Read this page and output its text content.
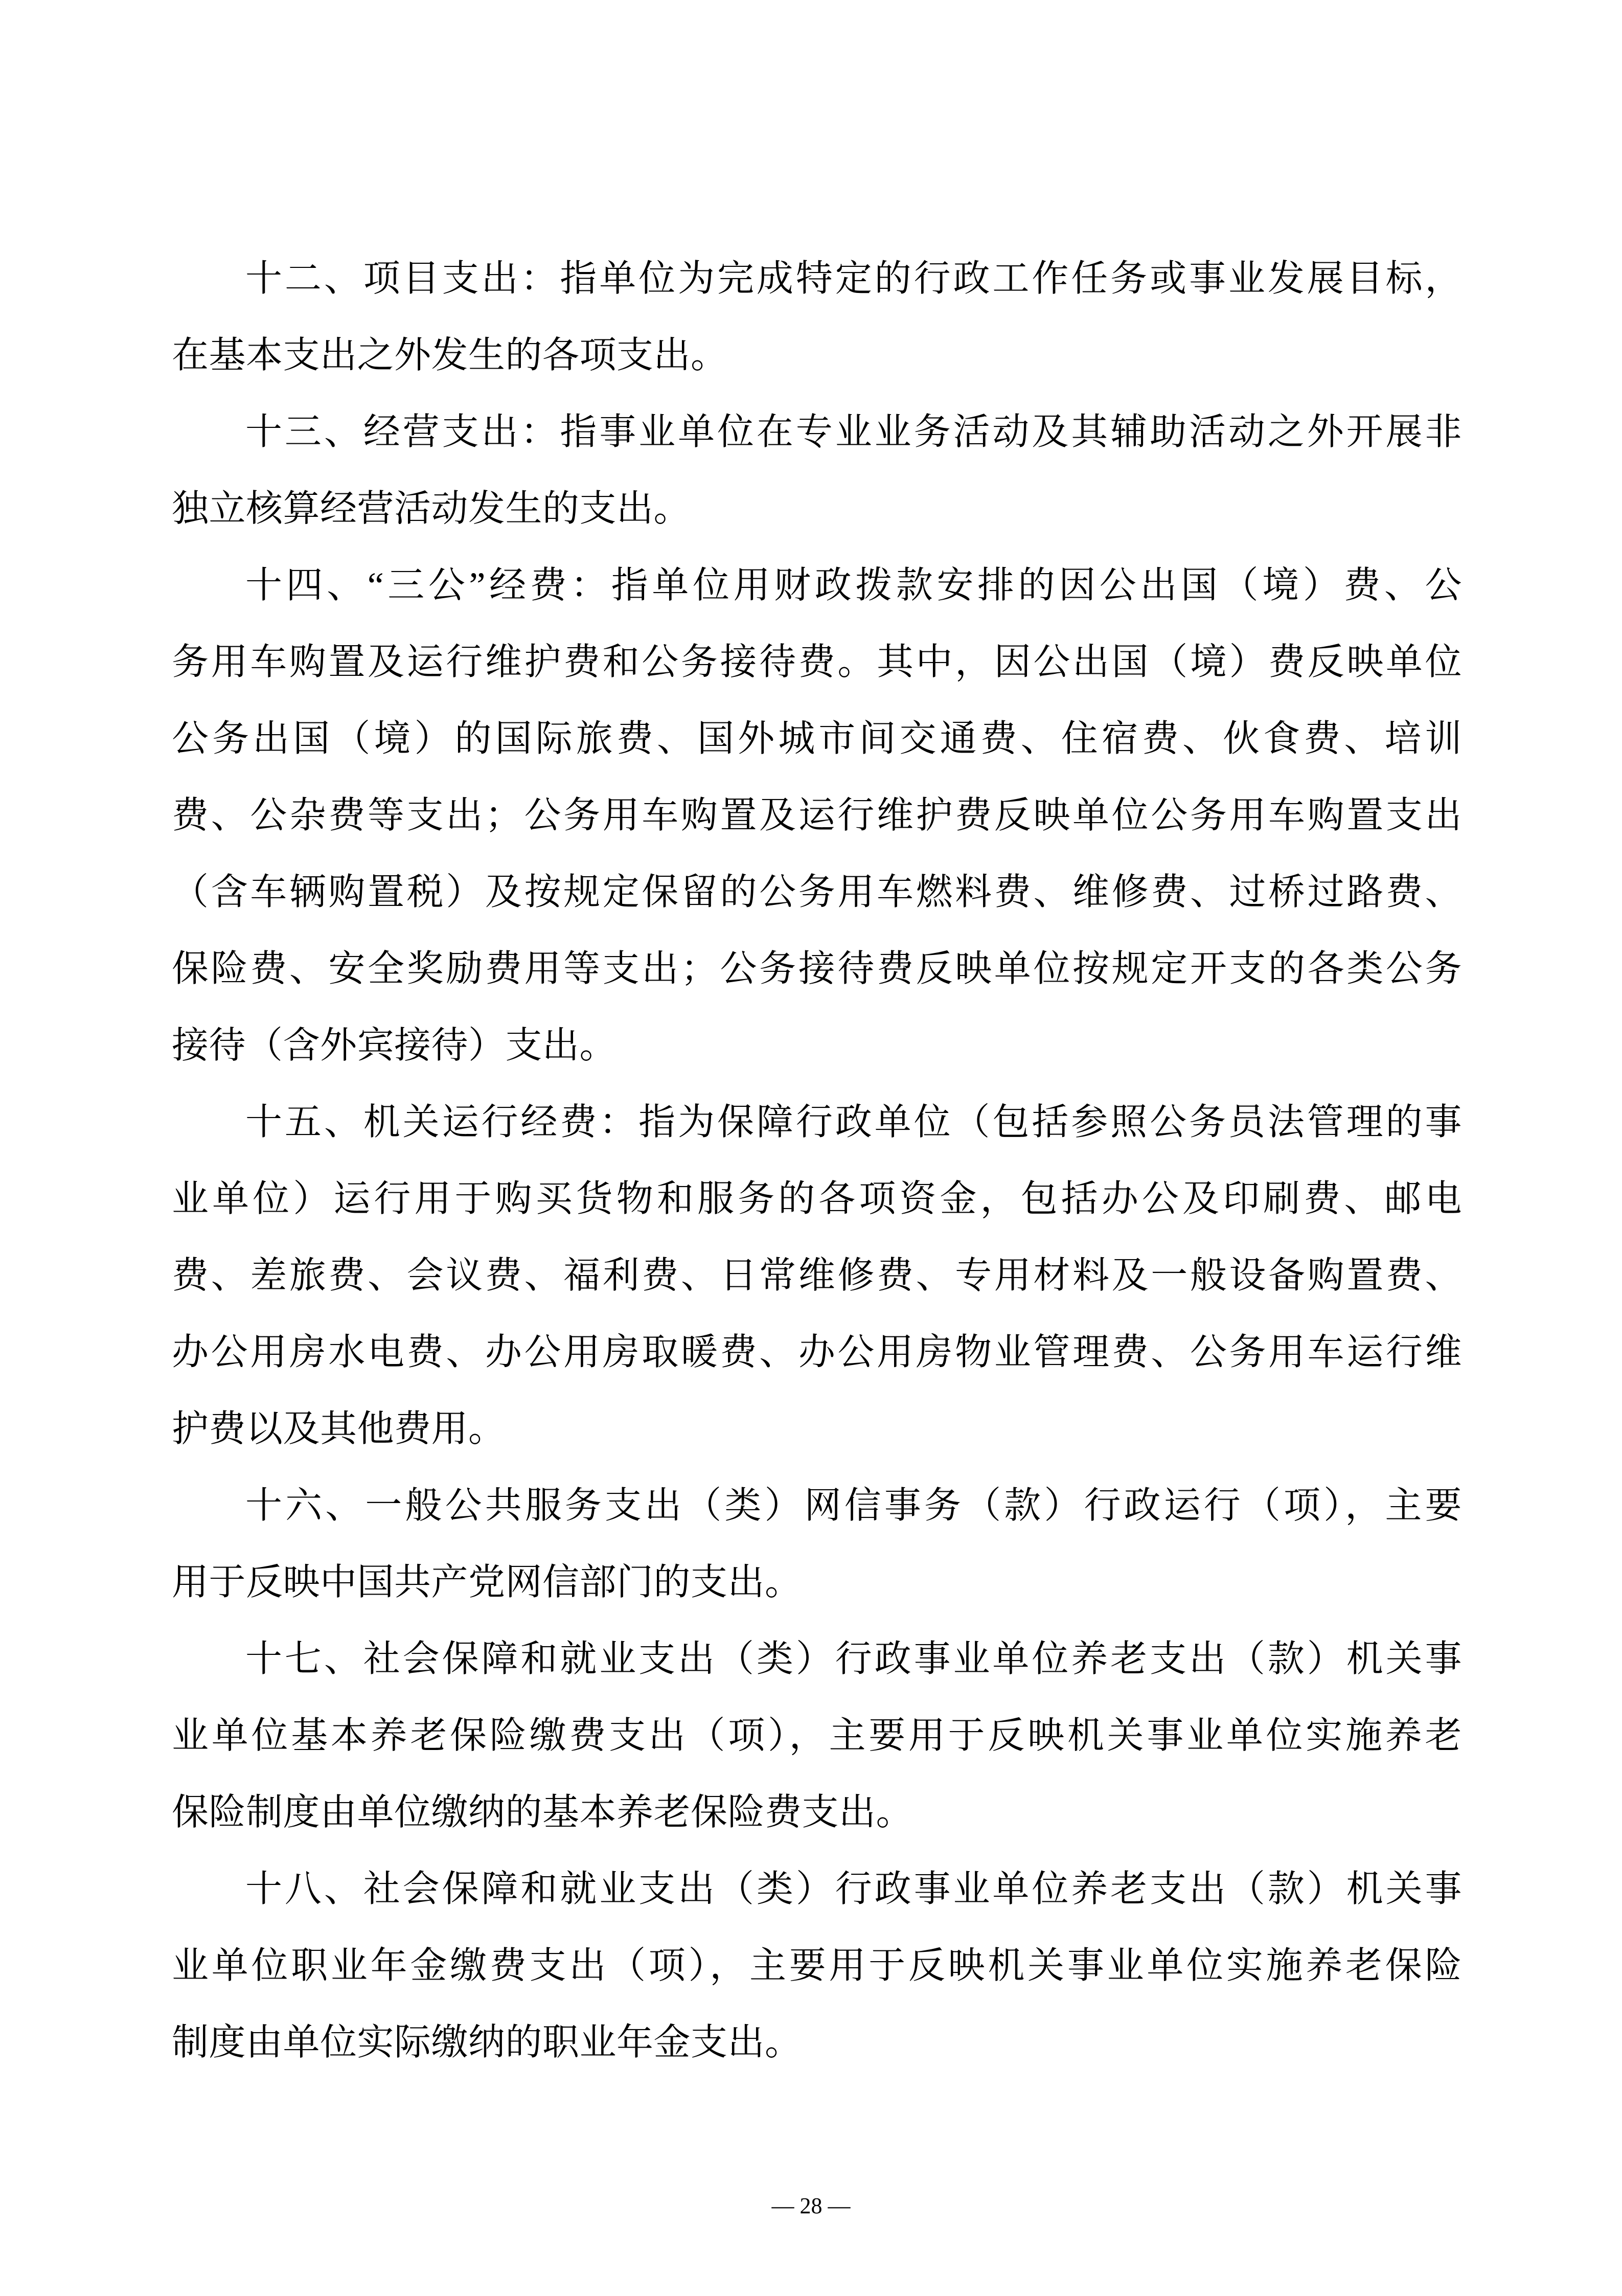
十二、项目支出：指单位为完成特定的行政工作任务或事业发展目标，
在基本支出之外发生的各项支出。
十三、经营支出：指事业单位在专业业务活动及其辅助活动之外开展非
独立核算经营活动发生的支出。
十四、“三公”经费：指单位用财政拨款安排的因公出国（境）费、公
务用车购置及运行维护费和公务接待费。其中，因公出国（境）费反映单位
公务出国（境）的国际旅费、国外城市间交通费、住宿费、伙食费、培训
费、公杂费等支出；公务用车购置及运行维护费反映单位公务用车购置支出
（含车辆购置税）及按规定保留的公务用车燃料费、维修费、过桥过路费、
保险费、安全奖励费用等支出；公务接待费反映单位按规定开支的各类公务
接待（含外宾接待）支出。
十五、机关运行经费：指为保障行政单位（包括参照公务员法管理的事
业单位）运行用于购买货物和服务的各项资金，包括办公及印刷费、邮电
费、差旅费、会议费、福利费、日常维修费、专用材料及一般设备购置费、
办公用房水电费、办公用房取暖费、办公用房物业管理费、公务用车运行维
护费以及其他费用。
十六、一般公共服务支出（类）网信事务（款）行政运行（项），主要
用于反映中国共产党网信部门的支出。
十七、社会保障和就业支出（类）行政事业单位养老支出（款）机关事
业单位基本养老保险缴费支出（项），主要用于反映机关事业单位实施养老
保险制度由单位缴纳的基本养老保险费支出。
十八、社会保障和就业支出（类）行政事业单位养老支出（款）机关事
业单位职业年金缴费支出（项），主要用于反映机关事业单位实施养老保险
制度由单位实际缴纳的职业年金支出。
— 28 —
